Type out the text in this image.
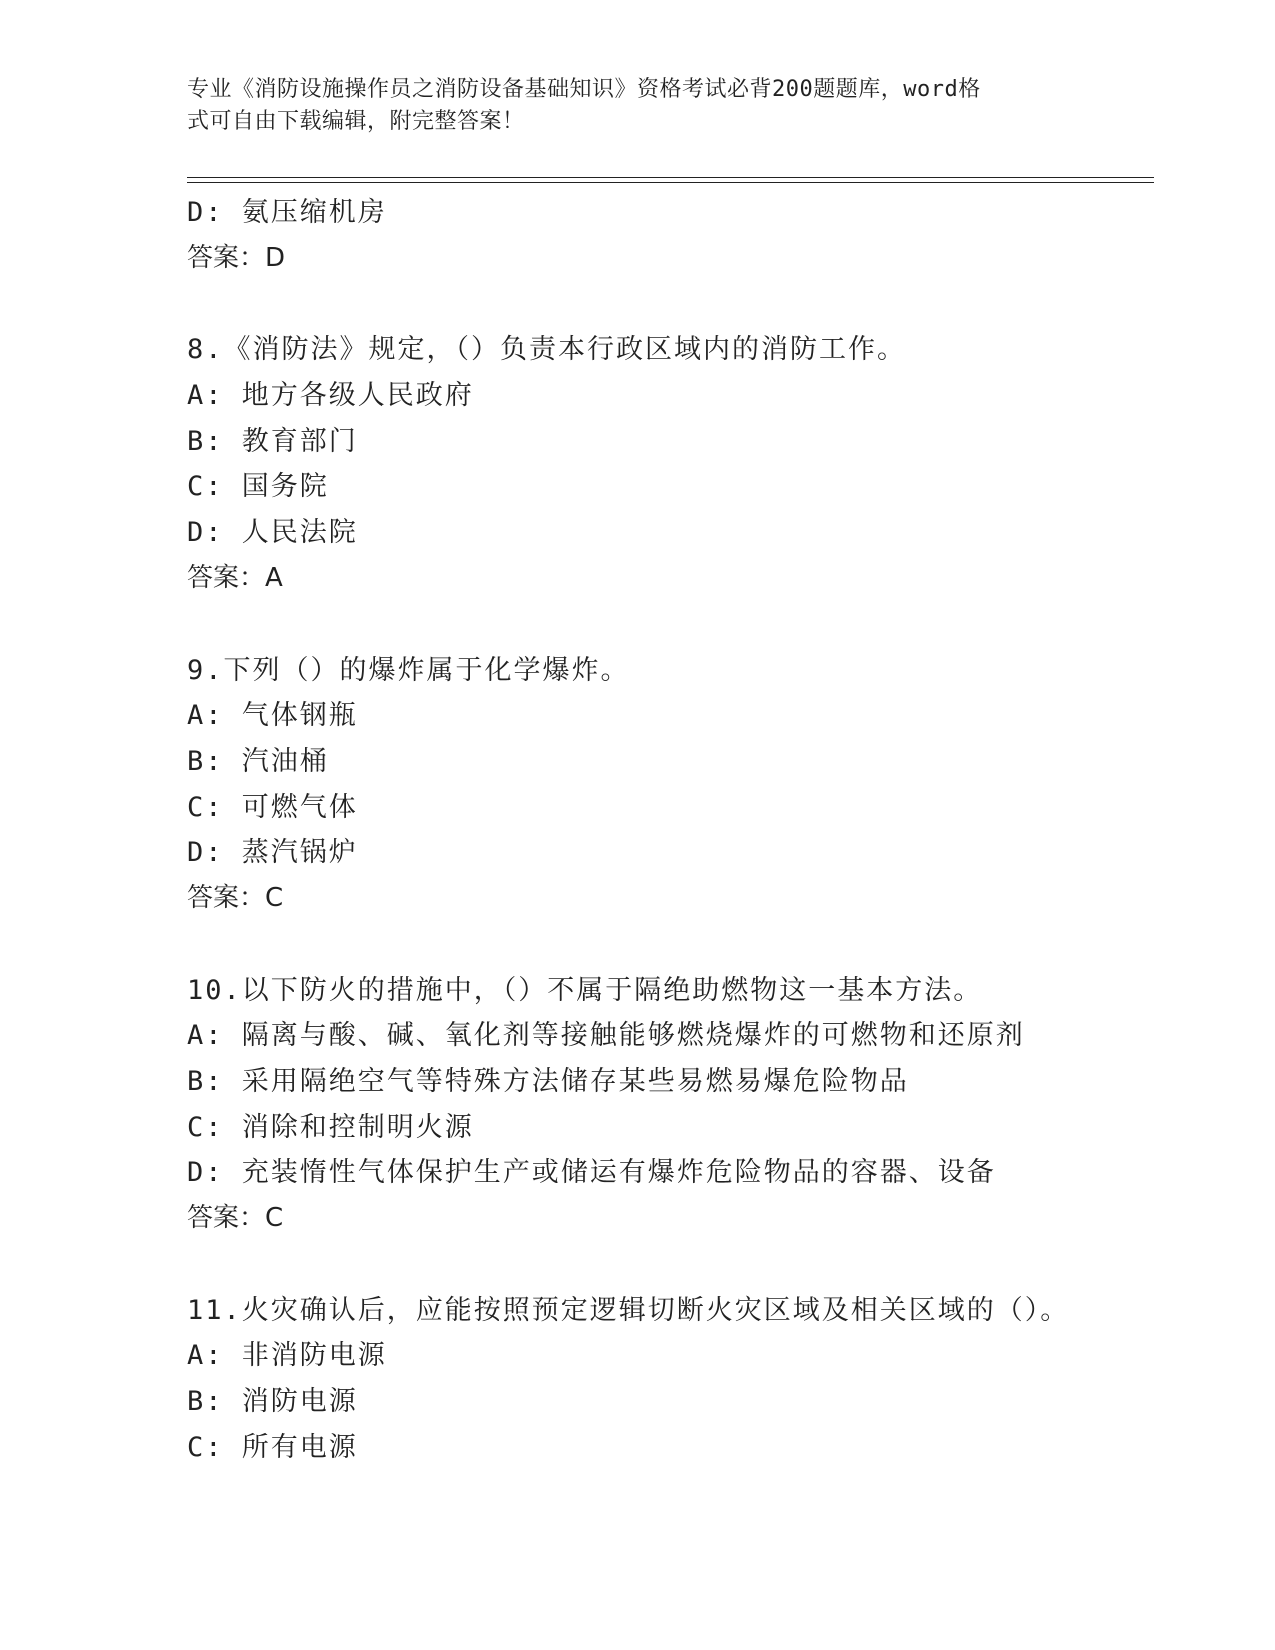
专业《消防设施操作员之消防设备基础知识》资格考试必背200题题库，word格
式可自由下载编辑，附完整答案！
D: 氨压缩机房
答案：D
8.《消防法》规定，（）负责本行政区域内的消防工作。
A: 地方各级人民政府
B: 教育部门
C: 国务院
D: 人民法院
答案：A
9.下列（）的爆炸属于化学爆炸。
A: 气体钢瓶
B: 汽油桶
C: 可燃气体
D: 蒸汽锅炉
答案：C
10.以下防火的措施中，（）不属于隔绝助燃物这一基本方法。
A: 隔离与酸、碱、氧化剂等接触能够燃烧爆炸的可燃物和还原剂
B: 采用隔绝空气等特殊方法储存某些易燃易爆危险物品
C: 消除和控制明火源
D: 充装惰性气体保护生产或储运有爆炸危险物品的容器、设备
答案：C
11.火灾确认后，应能按照预定逻辑切断火灾区域及相关区域的（）。
A: 非消防电源
B: 消防电源
C: 所有电源
